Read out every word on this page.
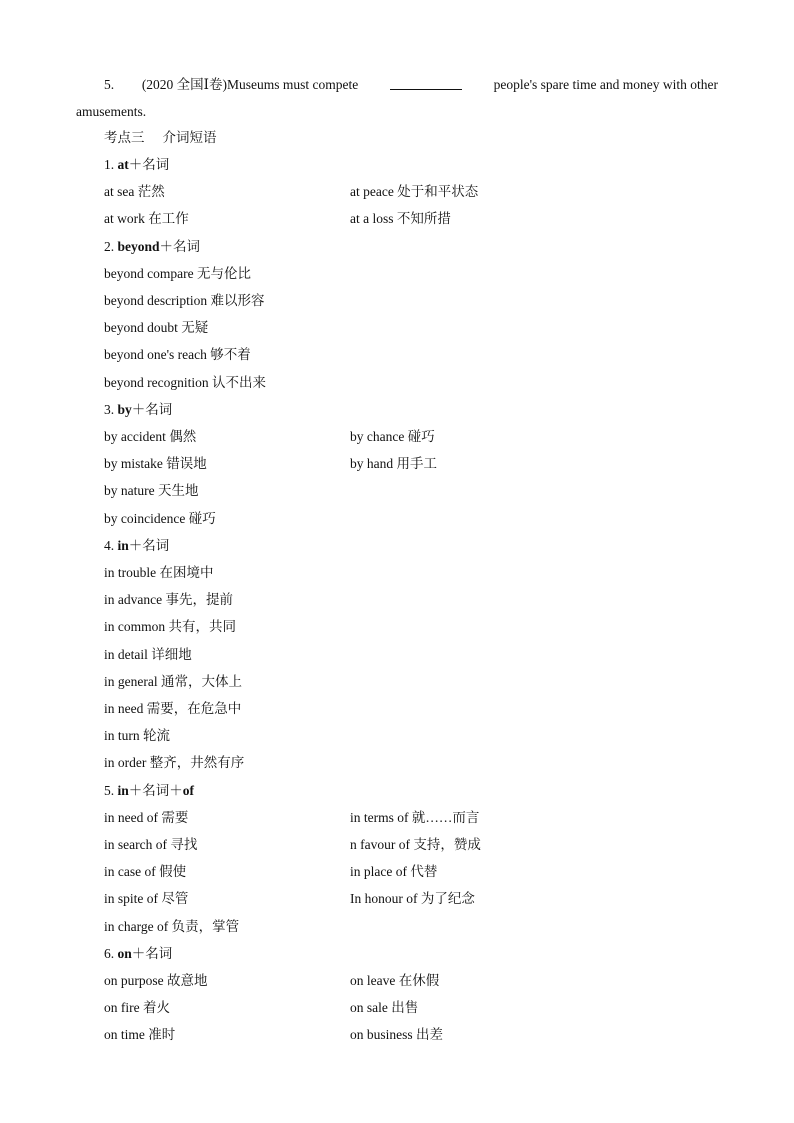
5. (2020 全国Ⅰ卷)Museums must compete	people's spare time and money with other
amusements.
考点三 介词短语
1. at＋名词
at sea 茫然	at peace 处于和平状态
at work 在工作	at a loss 不知所措
2. beyond＋名词
beyond compare 无与伦比
beyond description 难以形容
beyond doubt 无疑
beyond one's reach 够不着
beyond recognition 认不出来
3. by＋名词
by accident 偶然	by chance 碰巧
by mistake 错误地	by hand 用手工
by nature 天生地
by coincidence 碰巧
4. in＋名词
in trouble 在困境中
in advance 事先，提前
in common 共有，共同
in detail 详细地
in general 通常，大体上
in need 需要，在危急中
in turn 轮流
in order 整齐，井然有序
5. in＋名词＋of
in need of 需要	in terms of 就……而言
in search of 寻找	n favour of 支持，赞成
in case of 假使	in place of 代替
in spite of 尽管	In honour of 为了纪念
in charge of 负责，掌管
6. on＋名词
on purpose 故意地	on leave 在休假
on fire 着火	on sale 出售
on time 准时	on business 出差
